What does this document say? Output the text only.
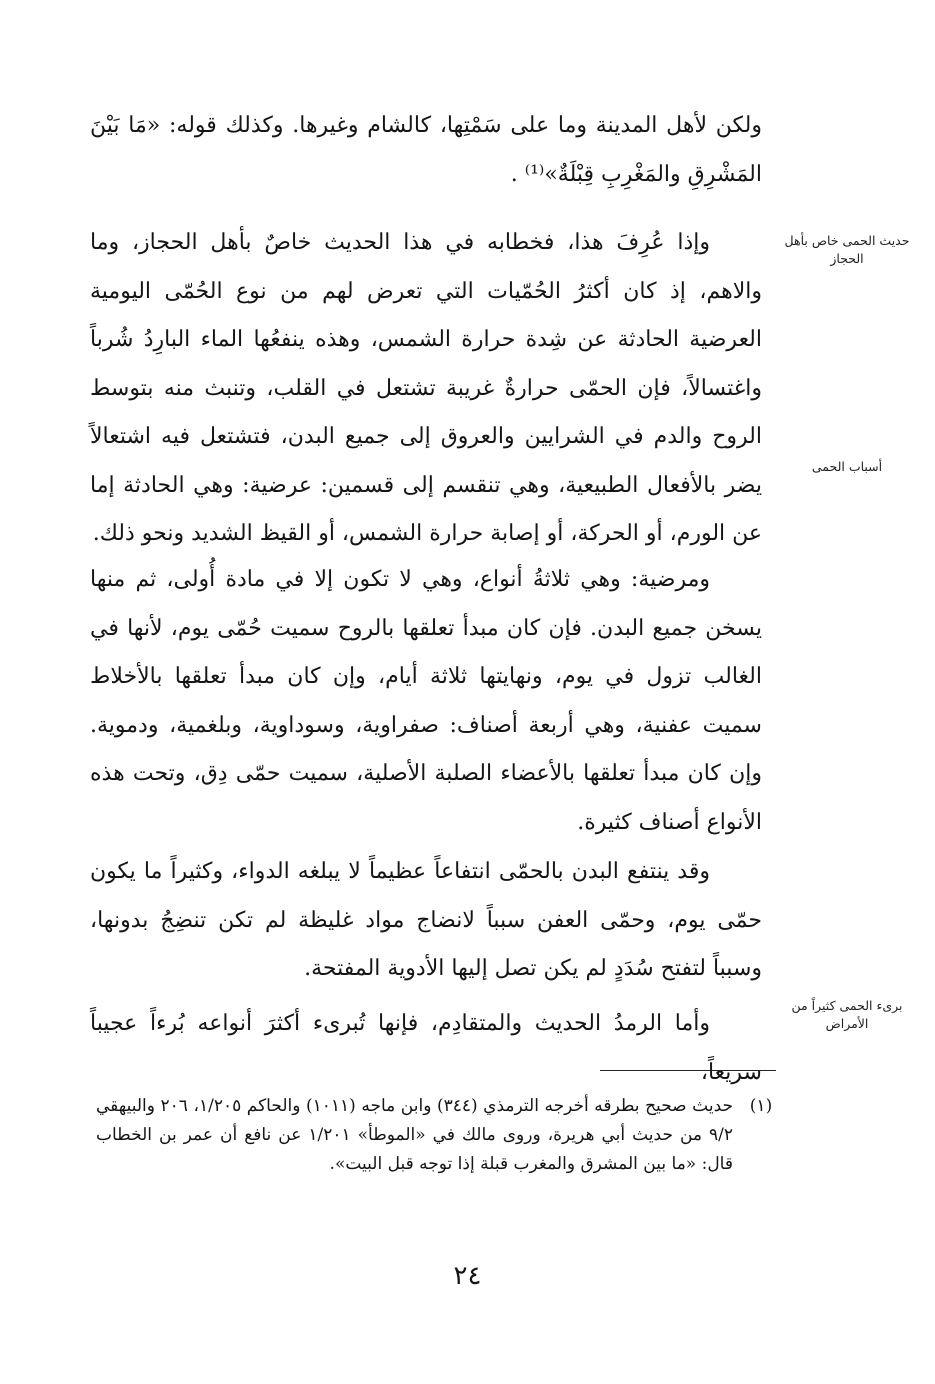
ولكن لأهل المدينة وما على سَمْتِها، كالشام وغيرها. وكذلك قوله: «مَا بَيْنَ المَشْرِقِ والمَغْرِبِ قِبْلَةٌ»⁽¹⁾ .

وإذا عُرِفَ هذا، فخطابه في هذا الحديث خاصٌ بأهل الحجاز، وما والاهم، إذ كان أكثرُ الحُمّيات التي تعرض لهم من نوع الحُمّى اليومية العرضية الحادثة عن شِدة حرارة الشمس، وهذه ينفعُها الماء البارِدُ شُرباً واغتسالاً، فإن الحمّى حرارةٌ غريبة تشتعل في القلب، وتنبث منه بتوسط الروح والدم في الشرايين والعروق إلى جميع البدن، فتشتعل فيه اشتعالاً يضر بالأفعال الطبيعية، وهي تنقسم إلى قسمين: عرضية: وهي الحادثة إما عن الورم، أو الحركة، أو إصابة حرارة الشمس، أو القيظ الشديد ونحو ذلك.

ومرضية: وهي ثلاثةُ أنواع، وهي لا تكون إلا في مادة أُولى، ثم منها يسخن جميع البدن. فإن كان مبدأ تعلقها بالروح سميت حُمّى يوم، لأنها في الغالب تزول في يوم، ونهايتها ثلاثة أيام، وإن كان مبدأ تعلقها بالأخلاط سميت عفنية، وهي أربعة أصناف: صفراوية، وسوداوية، وبلغمية، ودموية. وإن كان مبدأ تعلقها بالأعضاء الصلبة الأصلية، سميت حمّى دِق، وتحت هذه الأنواع أصناف كثيرة.

وقد ينتفع البدن بالحمّى انتفاعاً عظيماً لا يبلغه الدواء، وكثيراً ما يكون حمّى يوم، وحمّى العفن سبباً لانضاج مواد غليظة لم تكن تنضِجُ بدونها، وسبباً لتفتح سُدَدٍ لم يكن تصل إليها الأدوية المفتحة.

وأما الرمدُ الحديث والمتقادِم، فإنها تُبرىء أكثرَ أنواعه بُرءاً عجيباً سريعاً،

حديث الحمى خاص بأهل الحجاز
أسباب الحمى
برىء الحمى كثيراً من الأمراض
(١)
حديث صحيح بطرقه أخرجه الترمذي (٣٤٤) وابن ماجه (١٠١١) والحاكم ١/٢٠٥، ٢٠٦ والبيهقي ٩/٢ من حديث أبي هريرة، وروى مالك في «الموطأ» ١/٢٠١ عن نافع أن عمر بن الخطاب قال: «ما بين المشرق والمغرب قبلة إذا توجه قبل البيت».
٢٤
